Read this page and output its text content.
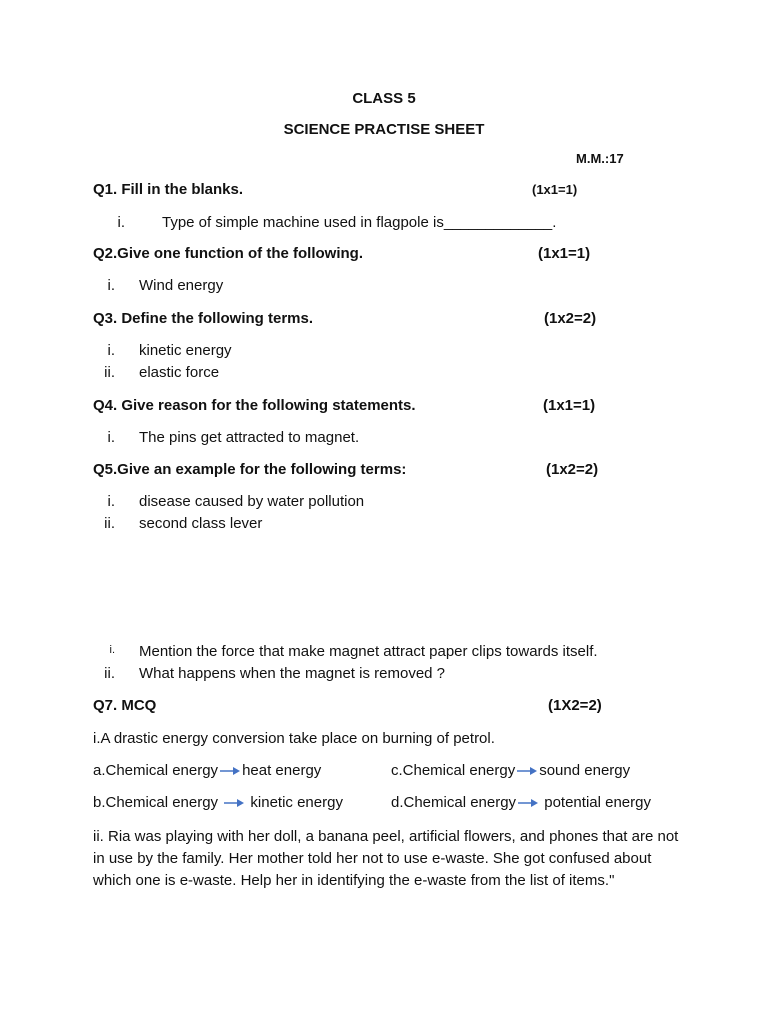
CLASS 5
SCIENCE PRACTISE SHEET
M.M.:17
Q1. Fill in the blanks.	(1x1=1)
i. Type of simple machine used in flagpole is_____________.
Q2.Give one function of the following.	(1x1=1)
i. Wind energy
Q3. Define the following terms.	(1x2=2)
i. kinetic energy
ii. elastic force
Q4. Give reason for the following statements.	(1x1=1)
i. The pins get attracted to magnet.
Q5.Give an example for the following terms:	(1x2=2)
i. disease caused by water pollution
ii. second class lever
i. Mention the force that make magnet attract paper clips towards itself.
ii. What happens when the magnet is removed ?
Q7. MCQ	(1X2=2)
i.A drastic energy conversion take place on burning of petrol.
a.Chemical energy heat energy	c.Chemical energy sound energy
b.Chemical energy kinetic energy	d.Chemical energy potential energy
ii. Ria was playing with her doll, a banana peel, artificial flowers, and phones that are not in use by the family. Her mother told her not to use e-waste. She got confused about which one is e-waste. Help her in identifying the e-waste from the list of items."
